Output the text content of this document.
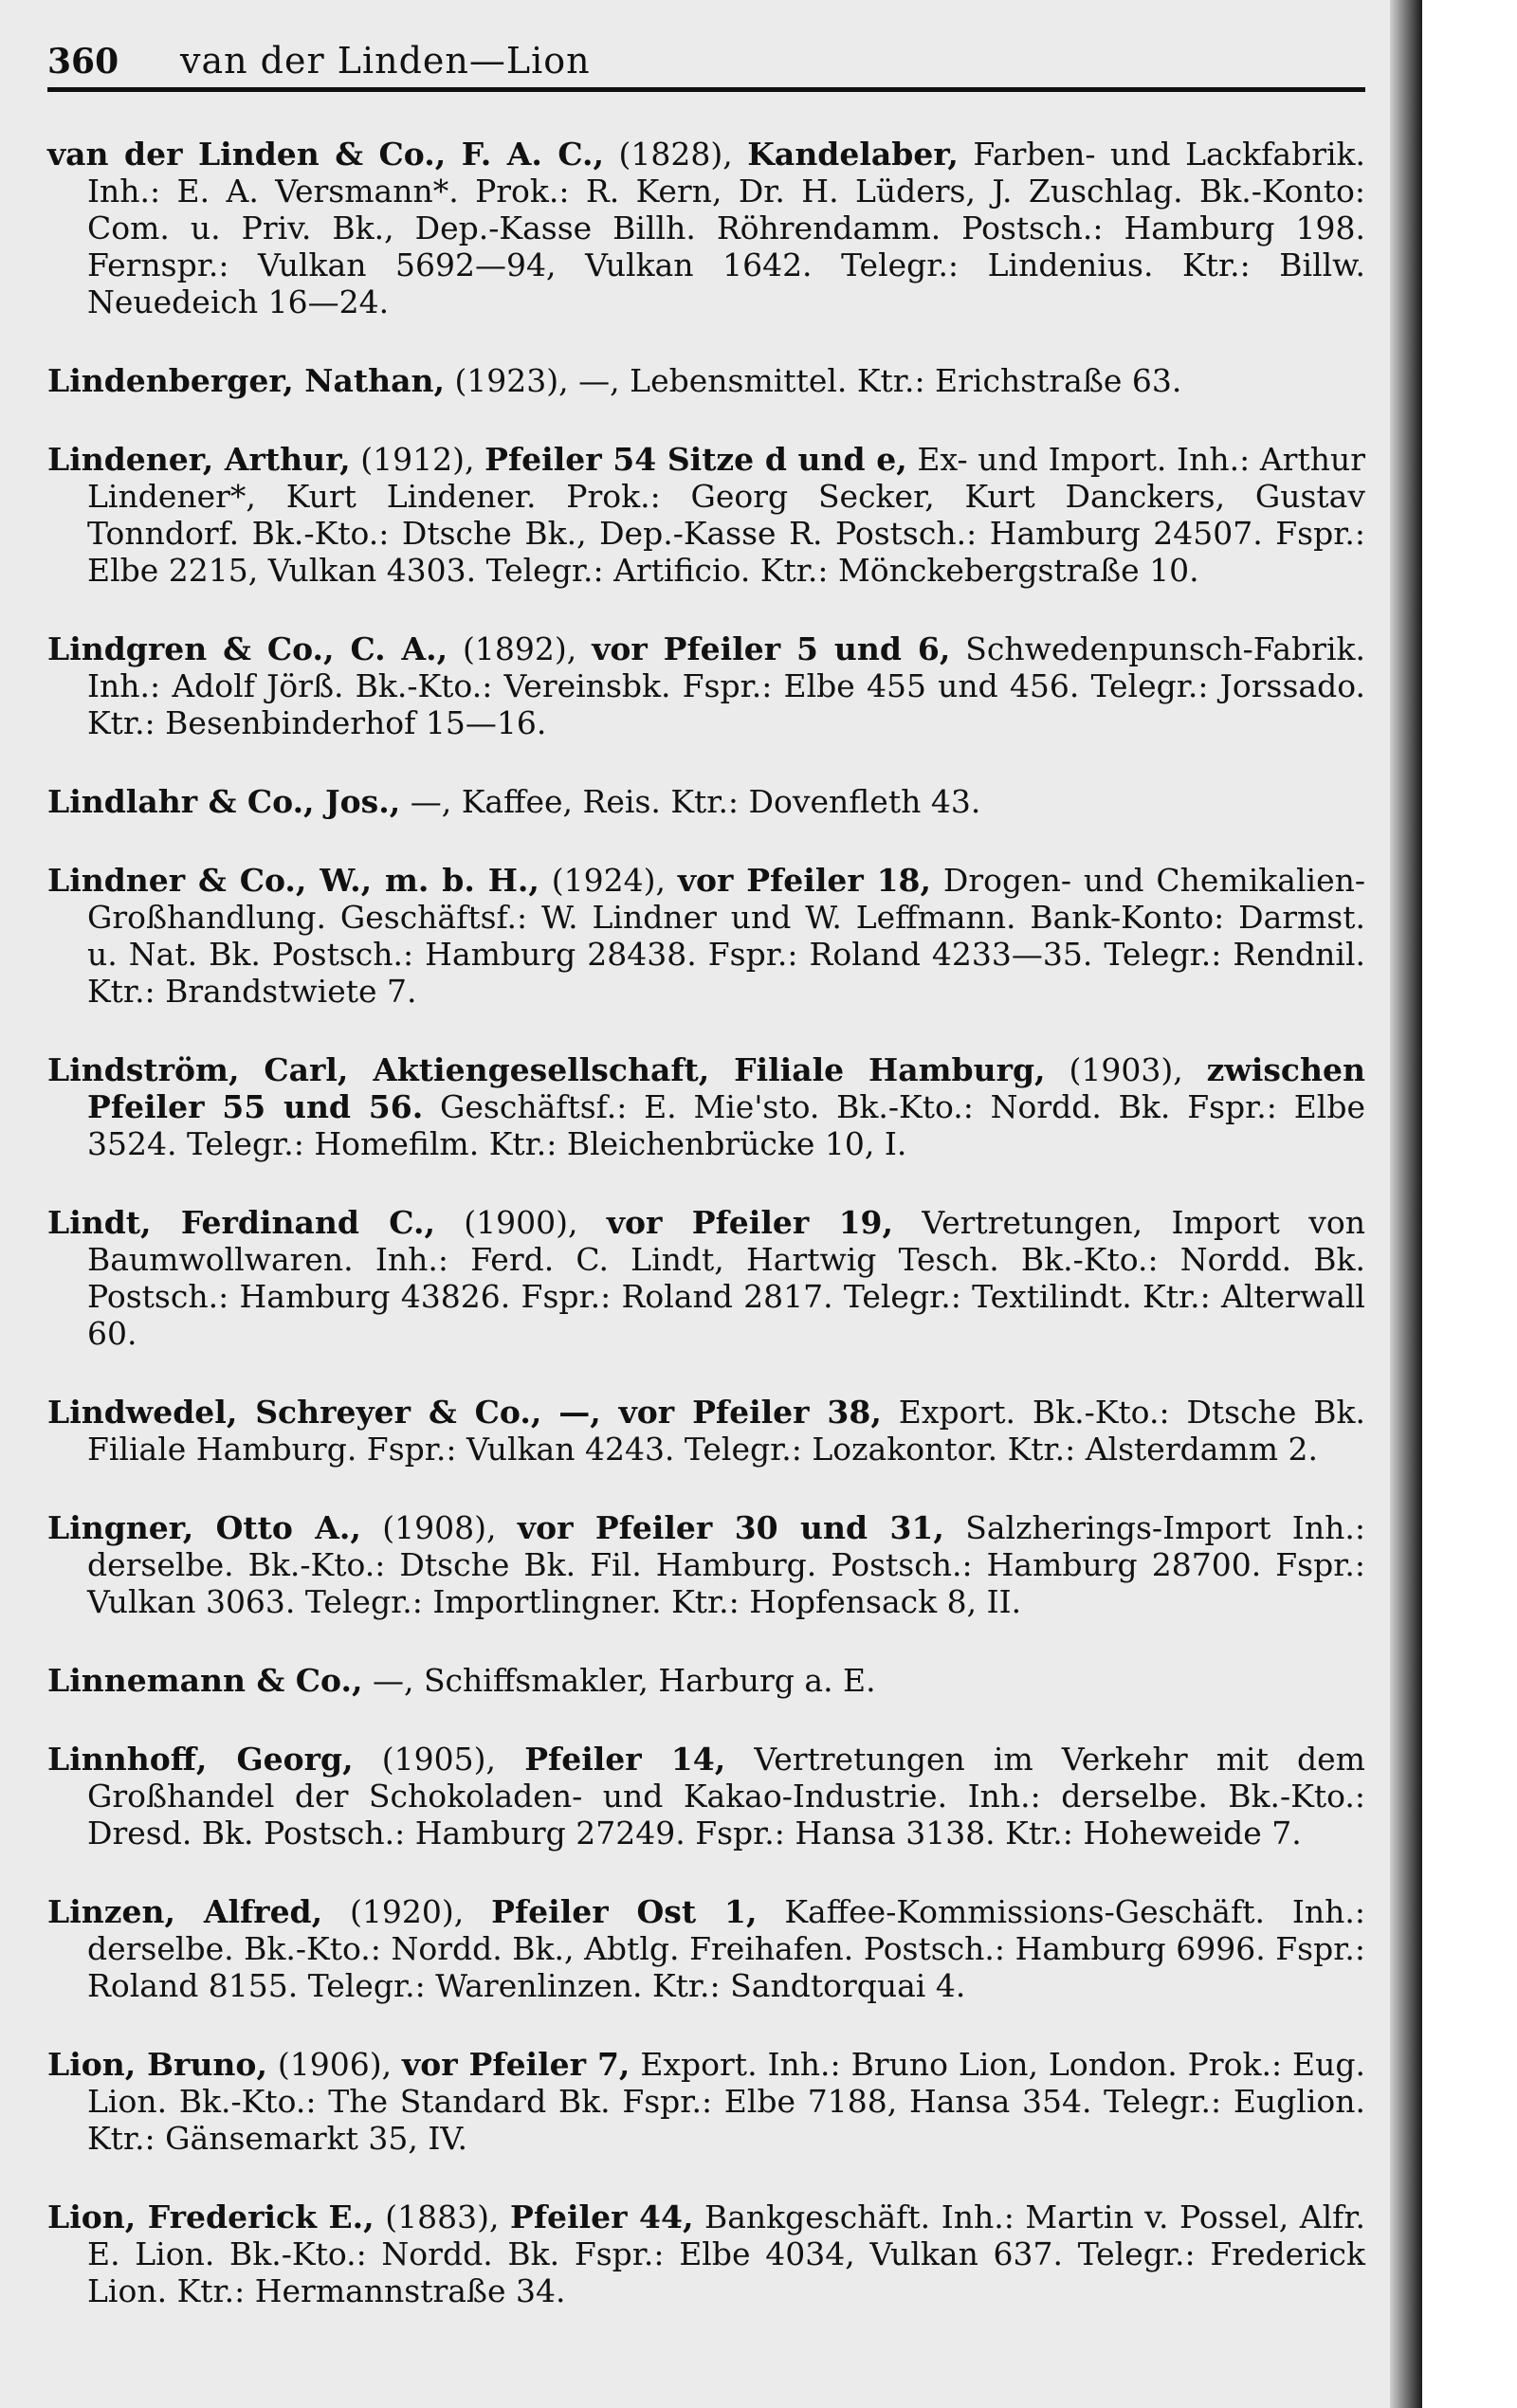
360	van der Linden—Lion

van der Linden & Co., F. A. C., (1828), Kandelaber, Farben- und Lackfabrik. Inh.: E. A. Versmann*. Prok.: R. Kern, Dr. H. Lüders, J. Zuschlag. Bk.-Konto: Com. u. Priv. Bk., Dep.-Kasse Billh. Röhrendamm. Postsch.: Hamburg 198. Fernspr.: Vulkan 5692—94, Vulkan 1642. Telegr.: Lindenius. Ktr.: Billw. Neuedeich 16—24.

Lindenberger, Nathan, (1923), —, Lebensmittel. Ktr.: Erichstraße 63.

Lindener, Arthur, (1912), Pfeiler 54 Sitze d und e, Ex- und Import. Inh.: Arthur Lindener*, Kurt Lindener. Prok.: Georg Secker, Kurt Danckers, Gustav Tonndorf. Bk.-Kto.: Dtsche Bk., Dep.-Kasse R. Postsch.: Hamburg 24507. Fspr.: Elbe 2215, Vulkan 4303. Telegr.: Artificio. Ktr.: Mönckebergstraße 10.

Lindgren & Co., C. A., (1892), vor Pfeiler 5 und 6, Schwedenpunsch-Fabrik. Inh.: Adolf Jörß. Bk.-Kto.: Vereinsbk. Fspr.: Elbe 455 und 456. Telegr.: Jorssado. Ktr.: Besenbinderhof 15—16.

Lindlahr & Co., Jos., —, Kaffee, Reis. Ktr.: Dovenfleth 43.

Lindner & Co., W., m. b. H., (1924), vor Pfeiler 18, Drogen- und Chemikalien-Großhandlung. Geschäftsf.: W. Lindner und W. Leffmann. Bank-Konto: Darmst. u. Nat. Bk. Postsch.: Hamburg 28438. Fspr.: Roland 4233—35. Telegr.: Rendnil. Ktr.: Brandstwiete 7.

Lindström, Carl, Aktiengesellschaft, Filiale Hamburg, (1903), zwischen Pfeiler 55 und 56. Geschäftsf.: E. Mie'sto. Bk.-Kto.: Nordd. Bk. Fspr.: Elbe 3524. Telegr.: Homefilm. Ktr.: Bleichenbrücke 10, I.

Lindt, Ferdinand C., (1900), vor Pfeiler 19, Vertretungen, Import von Baumwollwaren. Inh.: Ferd. C. Lindt, Hartwig Tesch. Bk.-Kto.: Nordd. Bk. Postsch.: Hamburg 43826. Fspr.: Roland 2817. Telegr.: Textilindt. Ktr.: Alterwall 60.

Lindwedel, Schreyer & Co., —, vor Pfeiler 38, Export. Bk.-Kto.: Dtsche Bk. Filiale Hamburg. Fspr.: Vulkan 4243. Telegr.: Lozakontor. Ktr.: Alsterdamm 2.

Lingner, Otto A., (1908), vor Pfeiler 30 und 31, Salzherings-Import Inh.: derselbe. Bk.-Kto.: Dtsche Bk. Fil. Hamburg. Postsch.: Hamburg 28700. Fspr.: Vulkan 3063. Telegr.: Importlingner. Ktr.: Hopfensack 8, II.

Linnemann & Co., —, Schiffsmakler, Harburg a. E.

Linnhoff, Georg, (1905), Pfeiler 14, Vertretungen im Verkehr mit dem Großhandel der Schokoladen- und Kakao-Industrie. Inh.: derselbe. Bk.-Kto.: Dresd. Bk. Postsch.: Hamburg 27249. Fspr.: Hansa 3138. Ktr.: Hoheweide 7.

Linzen, Alfred, (1920), Pfeiler Ost 1, Kaffee-Kommissions-Geschäft. Inh.: derselbe. Bk.-Kto.: Nordd. Bk., Abtlg. Freihafen. Postsch.: Hamburg 6996. Fspr.: Roland 8155. Telegr.: Warenlinzen. Ktr.: Sandtorquai 4.

Lion, Bruno, (1906), vor Pfeiler 7, Export. Inh.: Bruno Lion, London. Prok.: Eug. Lion. Bk.-Kto.: The Standard Bk. Fspr.: Elbe 7188, Hansa 354. Telegr.: Euglion. Ktr.: Gänsemarkt 35, IV.

Lion, Frederick E., (1883), Pfeiler 44, Bankgeschäft. Inh.: Martin v. Possel, Alfr. E. Lion. Bk.-Kto.: Nordd. Bk. Fspr.: Elbe 4034, Vulkan 637. Telegr.: Frederick Lion. Ktr.: Hermannstraße 34.
